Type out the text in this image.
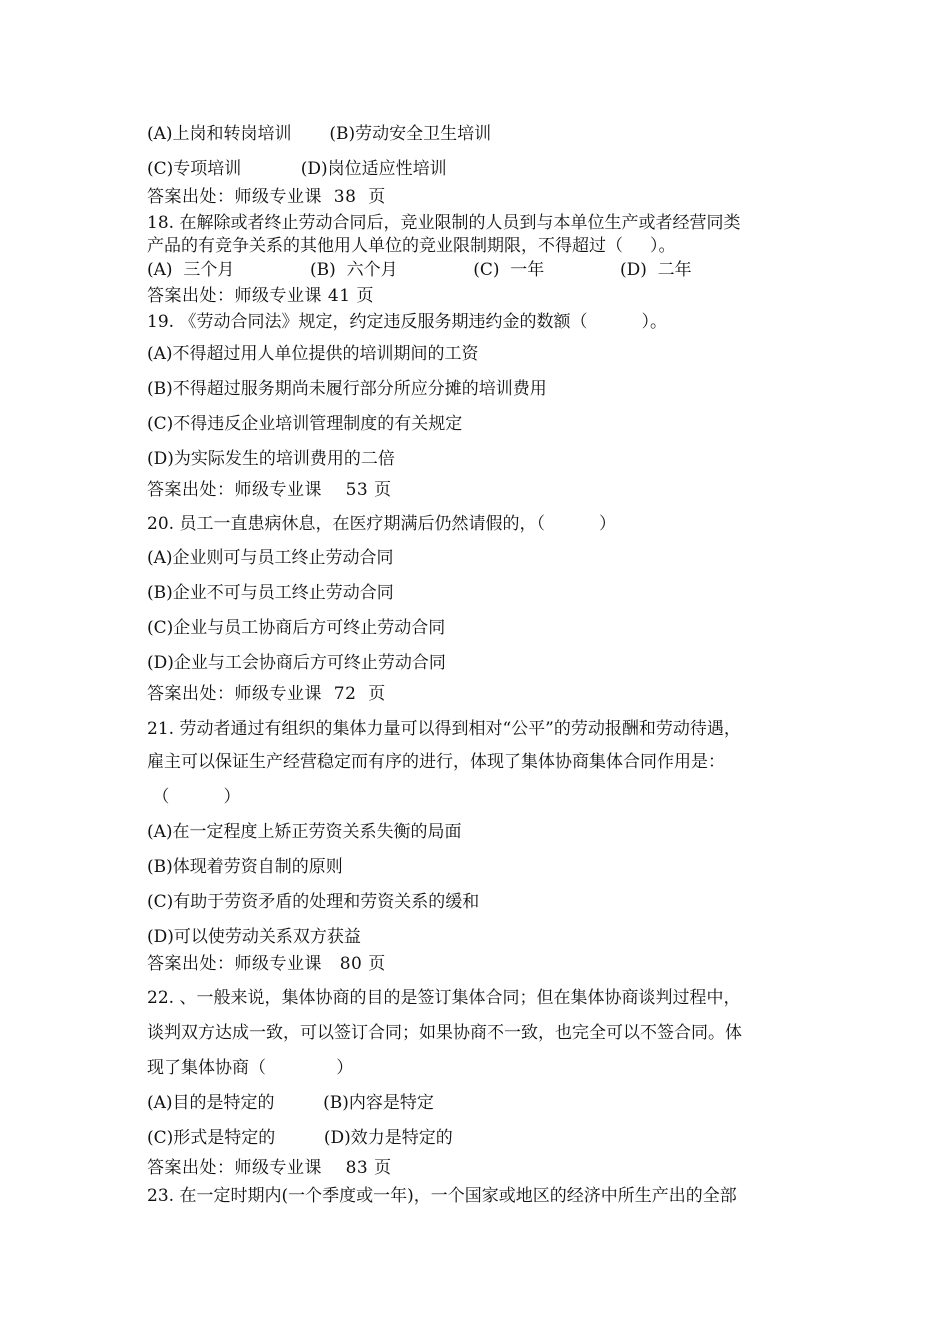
(A)上岗和转岗培训       (B)劳动安全卫生培训
(C)专项培训           (D)岗位适应性培训
答案出处：师级专业课  38  页
18. 在解除或者终止劳动合同后，竞业限制的人员到与本单位生产或者经营同类
产品的有竞争关系的其他用人单位的竞业限制期限，不得超过（     ）。
(A)  三个月              (B)  六个月              (C)  一年              (D)  二年
答案出处：师级专业课 41 页
19. 《劳动合同法》规定，约定违反服务期违约金的数额（          ）。
(A)不得超过用人单位提供的培训期间的工资
(B)不得超过服务期尚未履行部分所应分摊的培训费用
(C)不得违反企业培训管理制度的有关规定
(D)为实际发生的培训费用的二倍
答案出处：师级专业课    53 页
20. 员工一直患病休息，在医疗期满后仍然请假的，（          ）
(A)企业则可与员工终止劳动合同
(B)企业不可与员工终止劳动合同
(C)企业与员工协商后方可终止劳动合同
(D)企业与工会协商后方可终止劳动合同
答案出处：师级专业课  72  页
21. 劳动者通过有组织的集体力量可以得到相对“公平”的劳动报酬和劳动待遇，
雇主可以保证生产经营稳定而有序的进行，体现了集体协商集体合同作用是：
（          ）
(A)在一定程度上矫正劳资关系失衡的局面
(B)体现着劳资自制的原则
(C)有助于劳资矛盾的处理和劳资关系的缓和
(D)可以使劳动关系双方获益
答案出处：师级专业课   80 页
22. 、一般来说，集体协商的目的是签订集体合同；但在集体协商谈判过程中，
谈判双方达成一致，可以签订合同；如果协商不一致，也完全可以不签合同。体
现了集体协商（             ）
(A)目的是特定的         (B)内容是特定
(C)形式是特定的         (D)效力是特定的
答案出处：师级专业课    83 页
23. 在一定时期内(一个季度或一年)，一个国家或地区的经济中所生产出的全部
